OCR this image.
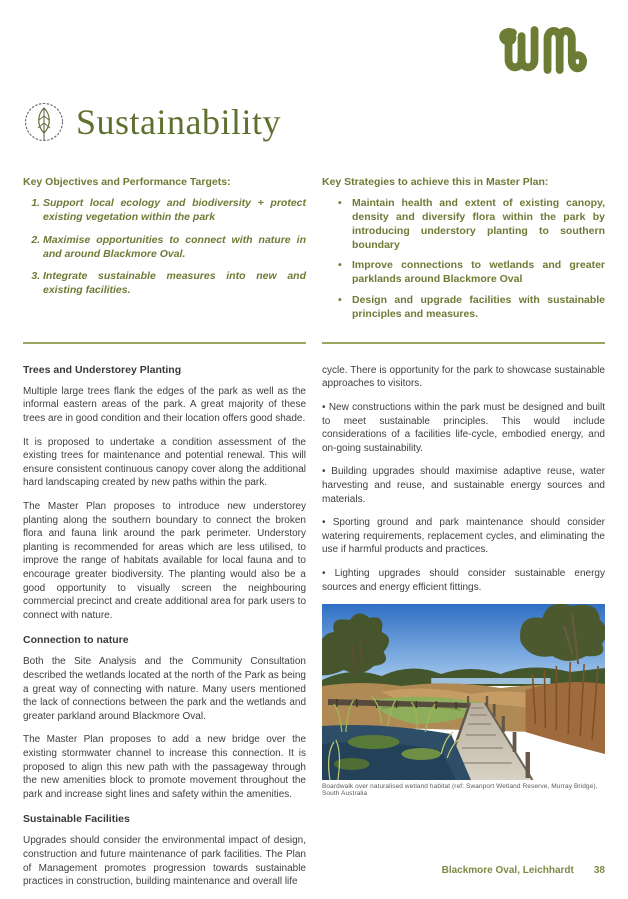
Sustainability
Key Objectives and Performance Targets:
1. Support local ecology and biodiversity + protect existing vegetation within the park
2. Maximise opportunities to connect with nature in and around Blackmore Oval.
3. Integrate sustainable measures into new and existing facilities.
Key Strategies to achieve this in Master Plan:
• Maintain health and extent of existing canopy, density and diversify flora within the park by introducing understory planting to southern boundary
• Improve connections to wetlands and greater parklands around Blackmore Oval
• Design and upgrade facilities with sustainable principles and measures.
Trees and Understorey Planting

Multiple large trees flank the edges of the park as well as the informal eastern areas of the park. A great majority of these trees are in good condition and their location offers good shade.

It is proposed to undertake a condition assessment of the existing trees for maintenance and potential renewal. This will ensure consistent continuous canopy cover along the additional hard landscaping created by new paths within the park.

The Master Plan proposes to introduce new understorey planting along the southern boundary to connect the broken flora and fauna link around the park perimeter. Understory planting is recommended for areas which are less utilised, to improve the range of habitats available for local fauna and to encourage greater biodiversity. The planting would also be a good opportunity to visually screen the neighbouring commercial precinct and create additional area for park users to connect with nature.

Connection to nature

Both the Site Analysis and the Community Consultation described the wetlands located at the north of the Park as being a great way of connecting with nature. Many users mentioned the lack of connections between the park and the wetlands and greater parkland around Blackmore Oval.

The Master Plan proposes to add a new bridge over the existing stormwater channel to increase this connection. It is proposed to align this new path with the passageway through the new amenities block to promote movement throughout the park and increase sight lines and safety within the amenities.

Sustainable Facilities

Upgrades should consider the environmental impact of design, construction and future maintenance of park facilities. The Plan of Management promotes progression towards sustainable practices in construction, building maintenance and overall life

cycle. There is opportunity for the park to showcase sustainable approaches to visitors.

• New constructions within the park must be designed and built to meet sustainable principles. This would include considerations of a facilities life-cycle, embodied energy, and on-going sustainability.

• Building upgrades should maximise adaptive reuse, water harvesting and reuse, and sustainable energy sources and materials.

• Sporting ground and park maintenance should consider watering requirements, replacement cycles, and eliminating the use if harmful products and practices.

• Lighting upgrades should consider sustainable energy sources and energy efficient fittings.

Boardwalk over naturalised wetland habitat (ref: Swanport Wetland Reserve, Murray Bridge), South Australia
Blackmore Oval, Leichhardt 38
